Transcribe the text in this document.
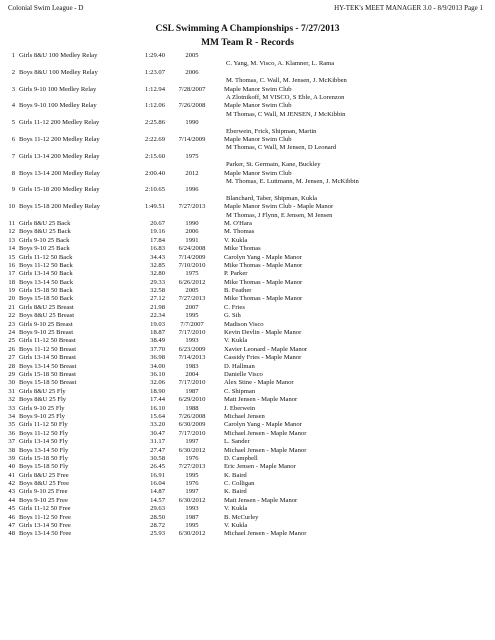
Colonial Swim League - D	HY-TEK's MEET MANAGER 3.0 - 8/9/2013 Page 1
CSL Swimming A Championships - 7/27/2013
MM Team R - Records
1 Girls 8&U 100 Medley Relay	1:29.40	2005
C. Yang, M. Visco, A. Klamner, L. Rama
2 Boys 8&U 100 Medley Relay	1:23.07	2006
M. Thomas, C. Wall, M. Jensen, J. McKibben
3 Girls 9-10 100 Medley Relay	1:12.94	7/28/2007	Maple Manor Swim Club
A Zlotnikoff, M VISCO, S Eble, A Lorenzon
4 Boys 9-10 100 Medley Relay	1:12.06	7/26/2008	Maple Manor Swim Club
M Thomas, C Wall, M JENSEN, J McKibbin
5 Girls 11-12 200 Medley Relay	2:25.86	1990
Eberwein, Frick, Shipman, Martin
6 Boys 11-12 200 Medley Relay	2:22.69	7/14/2009	Maple Manor Swim Club
M Thomas, C Wall, M Jensen, D Leonard
7 Girls 13-14 200 Medley Relay	2:15.60	1975
Parker, St. Germain, Kane, Buckley
8 Boys 13-14 200 Medley Relay	2:00.40	2012	Maple Manor Swim Club
M. Thomas, E. Luttmann, M. Jensen, J. McKibbin
9 Girls 15-18 200 Medley Relay	2:10.65	1996
Blanchard, Taber, Shipman, Kukla
10 Boys 15-18 200 Medley Relay	1:49.51	7/27/2013	Maple Manor Swim Club - Maple Manor
M Thomas, J Flynn, E Jensen, M Jensen
11 Girls 8&U 25 Back	20.67	1990	M. O'Hara
12 Boys 8&U 25 Back	19.16	2006	M. Thomas
13 Girls 9-10 25 Back	17.84	1991	V. Kukla
14 Boys 9-10 25 Back	16.83	6/24/2008	Mike Thomas
15 Girls 11-12 50 Back	34.43	7/14/2009	Carolyn Yang - Maple Manor
16 Boys 11-12 50 Back	32.85	7/10/2010	Mike Thomas - Maple Manor
17 Girls 13-14 50 Back	32.80	1975	P. Parker
18 Boys 13-14 50 Back	29.33	6/26/2012	Mike Thomas - Maple Manor
19 Girls 15-18 50 Back	32.58	2005	B. Feather
20 Boys 15-18 50 Back	27.12	7/27/2013	Mike Thomas - Maple Manor
21 Girls 8&U 25 Breast	21.98	2007	C. Fries
22 Boys 8&U 25 Breast	22.34	1995	G. Sih
23 Girls 9-10 25 Breast	19.03	7/7/2007	Madison Visco
24 Boys 9-10 25 Breast	18.87	7/17/2010	Kevin Devlin - Maple Manor
25 Girls 11-12 50 Breast	38.49	1993	V. Kukla
26 Boys 11-12 50 Breast	37.70	6/23/2009	Xavier Leonard - Maple Manor
27 Girls 13-14 50 Breast	36.98	7/14/2013	Cassidy Fries - Maple Manor
28 Boys 13-14 50 Breast	34.00	1983	D. Hallman
29 Girls 15-18 50 Breast	36.10	2004	Danielle Visco
30 Boys 15-18 50 Breast	32.06	7/17/2010	Alex Stine - Maple Manor
31 Girls 8&U 25 Fly	18.90	1987	C. Shipman
32 Boys 8&U 25 Fly	17.44	6/29/2010	Matt Jensen - Maple Manor
33 Girls 9-10 25 Fly	16.10	1988	J. Eberwein
34 Boys 9-10 25 Fly	15.64	7/26/2008	Michael Jensen
35 Girls 11-12 50 Fly	33.20	6/30/2009	Carolyn Yang - Maple Manor
36 Boys 11-12 50 Fly	30.47	7/17/2010	Michael Jensen - Maple Manor
37 Girls 13-14 50 Fly	31.17	1997	L. Sander
38 Boys 13-14 50 Fly	27.47	6/30/2012	Michael Jensen - Maple Manor
39 Girls 15-18 50 Fly	30.58	1976	D. Campbell
40 Boys 15-18 50 Fly	26.45	7/27/2013	Eric Jensen - Maple Manor
41 Girls 8&U 25 Free	16.91	1995	K. Baird
42 Boys 8&U 25 Free	16.04	1976	C. Colligan
43 Girls 9-10 25 Free	14.87	1997	K. Baird
44 Boys 9-10 25 Free	14.57	6/30/2012	Matt Jensen - Maple Manor
45 Girls 11-12 50 Free	29.63	1993	V. Kukla
46 Boys 11-12 50 Free	28.50	1987	B. McCurley
47 Girls 13-14 50 Free	28.72	1995	V. Kukla
48 Boys 13-14 50 Free	25.93	6/30/2012	Michael Jensen - Maple Manor
